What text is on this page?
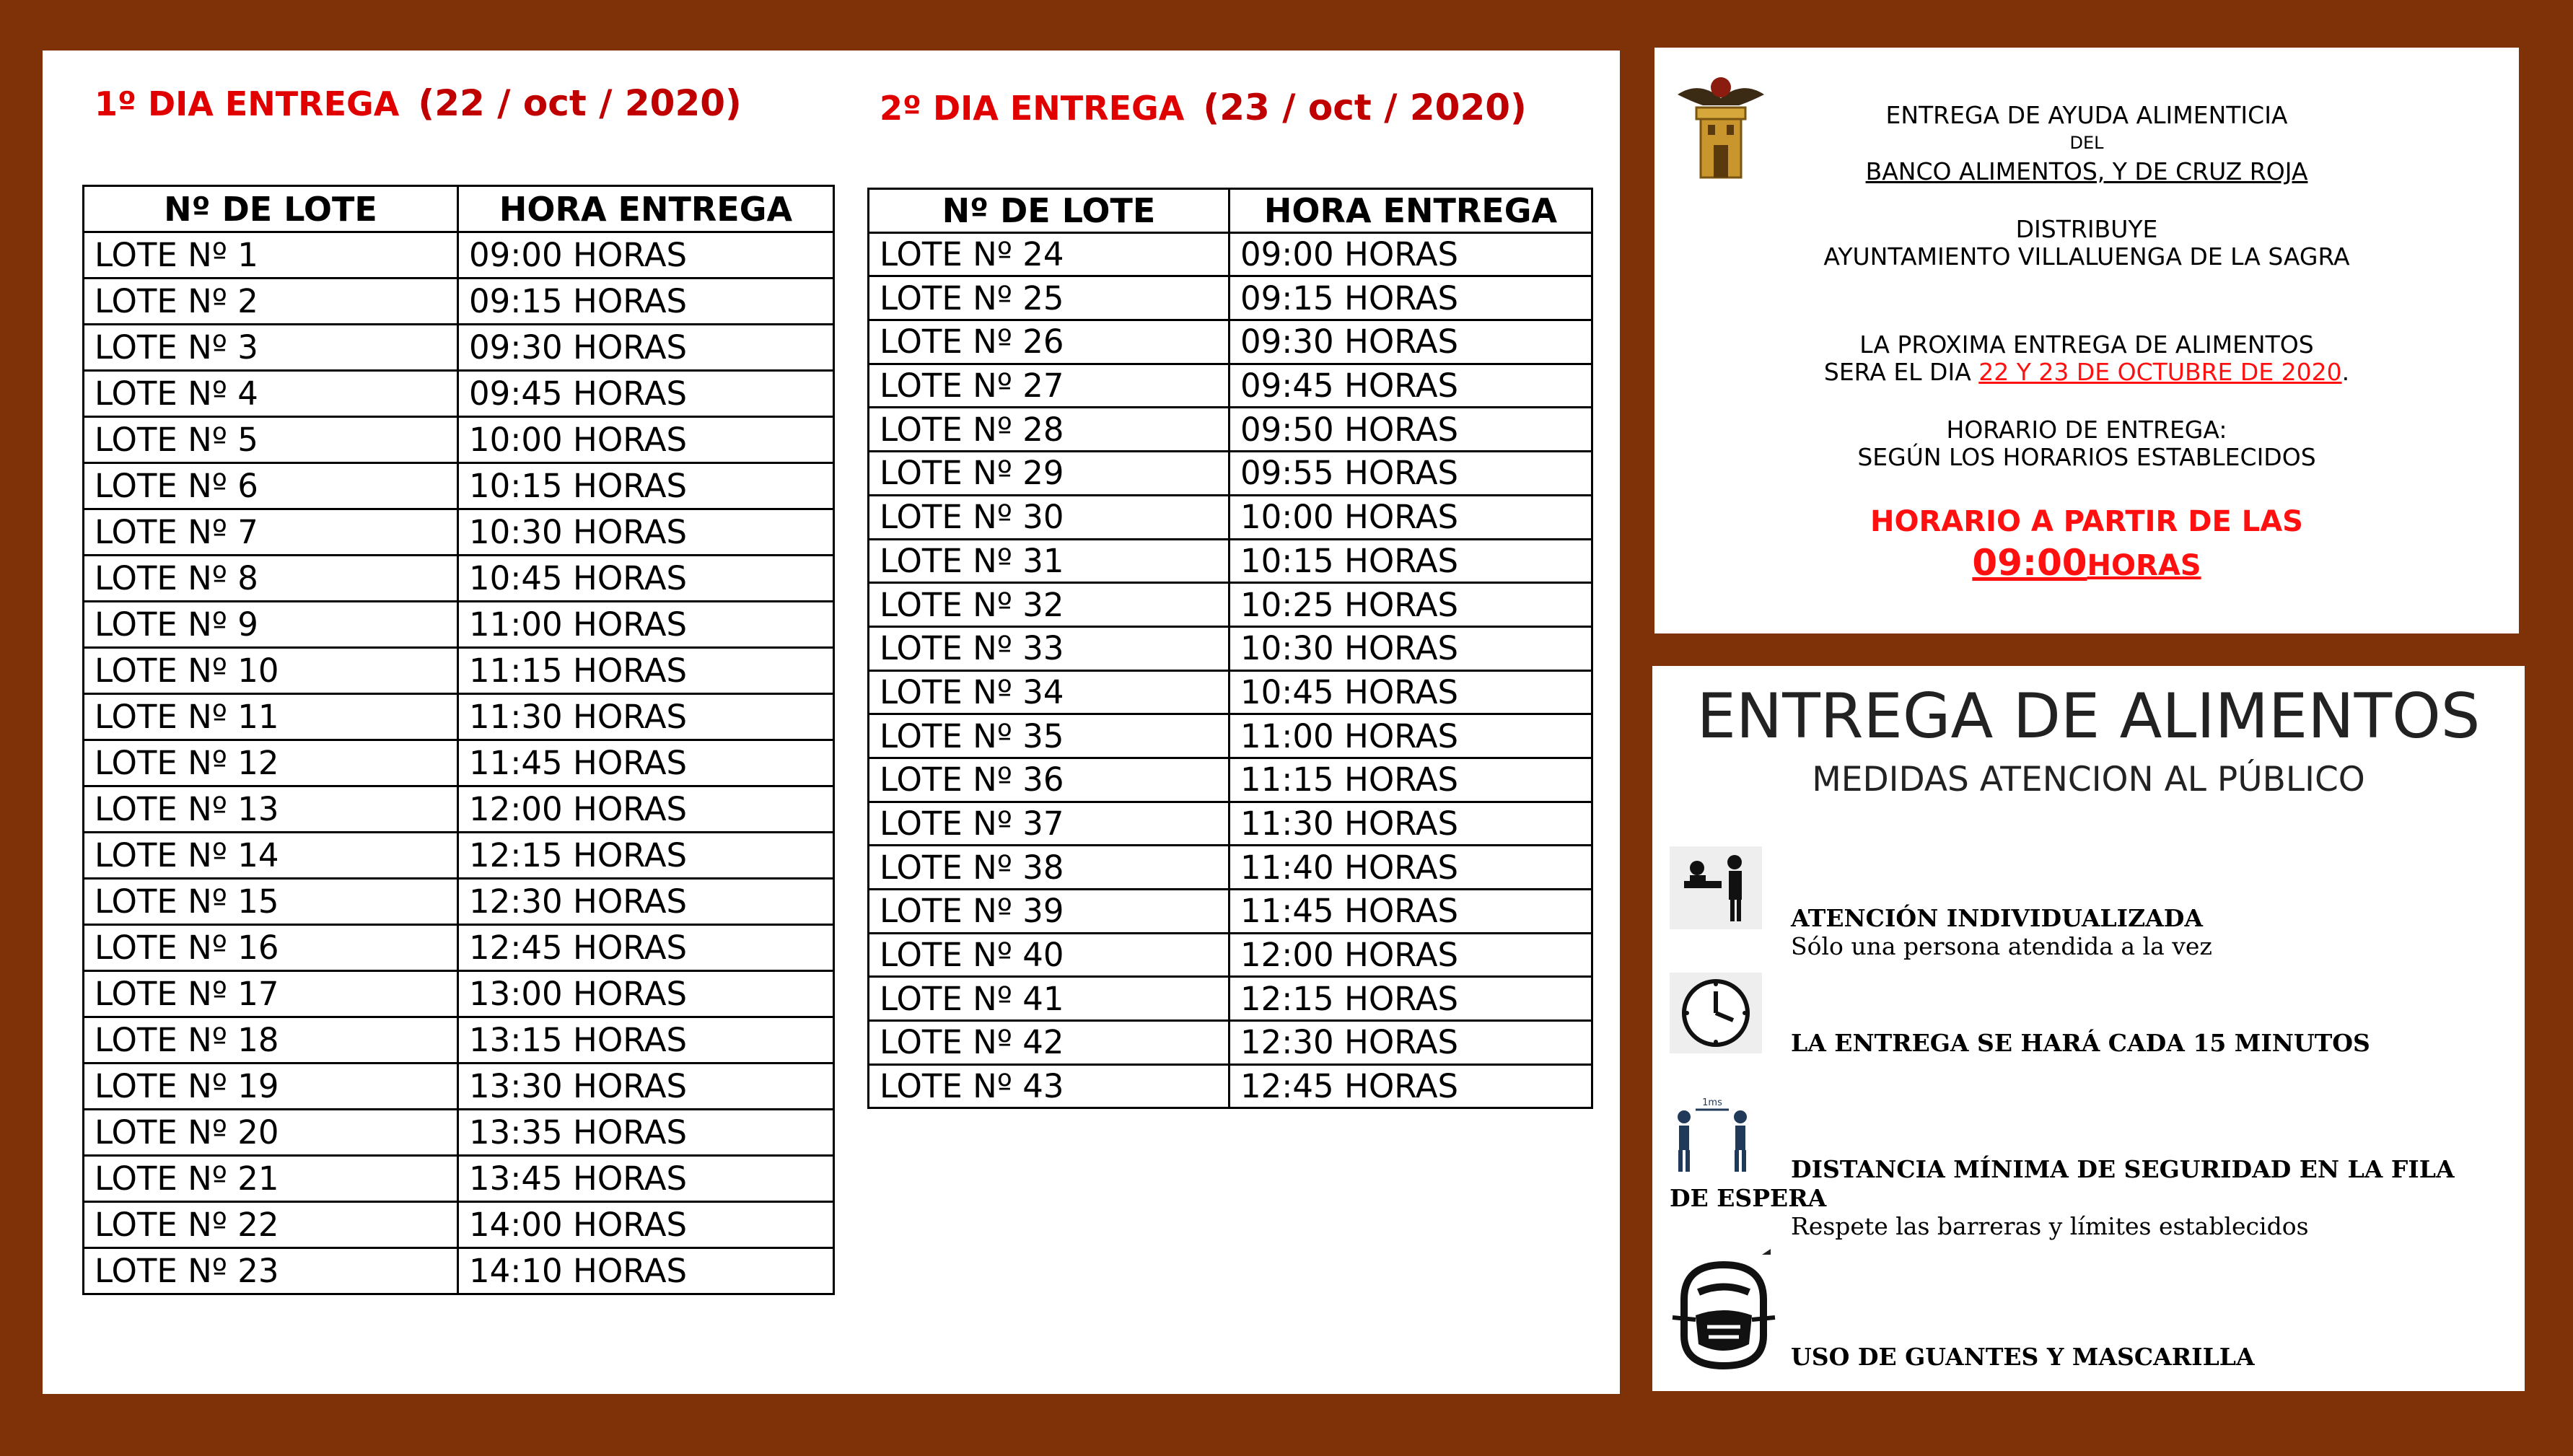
1º DIA ENTREGA (22 / oct / 2020)	2º DIA ENTREGA (23 / oct / 2020)
Nº DE LOTE	HORA ENTREGA
LOTE Nº 1	09:00 HORAS
LOTE Nº 2	09:15 HORAS
LOTE Nº 3	09:30 HORAS
LOTE Nº 4	09:45 HORAS
LOTE Nº 5	10:00 HORAS
LOTE Nº 6	10:15 HORAS
LOTE Nº 7	10:30 HORAS
LOTE Nº 8	10:45 HORAS
LOTE Nº 9	11:00 HORAS
LOTE Nº 10	11:15 HORAS
LOTE Nº 11	11:30 HORAS
LOTE Nº 12	11:45 HORAS
LOTE Nº 13	12:00 HORAS
LOTE Nº 14	12:15 HORAS
LOTE Nº 15	12:30 HORAS
LOTE Nº 16	12:45 HORAS
LOTE Nº 17	13:00 HORAS
LOTE Nº 18	13:15 HORAS
LOTE Nº 19	13:30 HORAS
LOTE Nº 20	13:35 HORAS
LOTE Nº 21	13:45 HORAS
LOTE Nº 22	14:00 HORAS
LOTE Nº 23	14:10 HORAS
Nº DE LOTE	HORA ENTREGA
LOTE Nº 24	09:00 HORAS
LOTE Nº 25	09:15 HORAS
LOTE Nº 26	09:30 HORAS
LOTE Nº 27	09:45 HORAS
LOTE Nº 28	09:50 HORAS
LOTE Nº 29	09:55 HORAS
LOTE Nº 30	10:00 HORAS
LOTE Nº 31	10:15 HORAS
LOTE Nº 32	10:25 HORAS
LOTE Nº 33	10:30 HORAS
LOTE Nº 34	10:45 HORAS
LOTE Nº 35	11:00 HORAS
LOTE Nº 36	11:15 HORAS
LOTE Nº 37	11:30 HORAS
LOTE Nº 38	11:40 HORAS
LOTE Nº 39	11:45 HORAS
LOTE Nº 40	12:00 HORAS
LOTE Nº 41	12:15 HORAS
LOTE Nº 42	12:30 HORAS
LOTE Nº 43	12:45 HORAS
ENTREGA DE AYUDA ALIMENTICIA
DEL
BANCO ALIMENTOS, Y DE CRUZ ROJA
DISTRIBUYE
AYUNTAMIENTO VILLALUENGA DE LA SAGRA
LA PROXIMA ENTREGA DE ALIMENTOS
SERA EL DIA 22 Y 23 DE OCTUBRE DE 2020.
HORARIO DE ENTREGA:
SEGÚN LOS HORARIOS ESTABLECIDOS
HORARIO A PARTIR DE LAS
09:00HORAS
ENTREGA DE ALIMENTOS
MEDIDAS ATENCION AL PÚBLICO
ATENCIÓN INDIVIDUALIZADA
Sólo una persona atendida a la vez
LA ENTREGA SE HARÁ CADA 15 MINUTOS
1ms
DISTANCIA MÍNIMA DE SEGURIDAD EN LA FILA
DE ESPERA
Respete las barreras y límites establecidos
USO DE GUANTES Y MASCARILLA
